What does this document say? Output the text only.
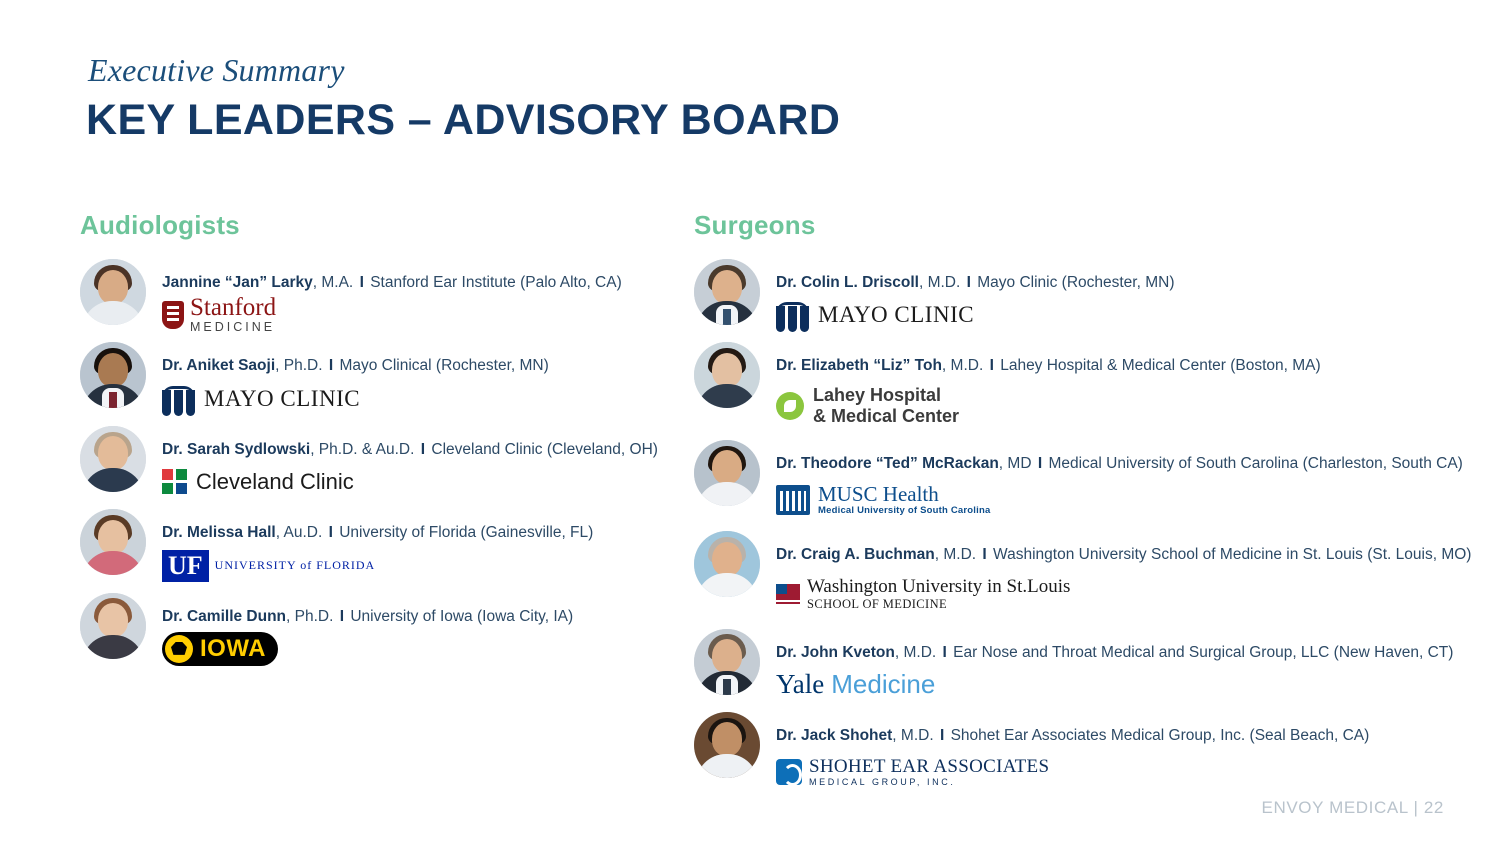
Executive Summary
KEY LEADERS – ADVISORY BOARD
Audiologists
Jannine “Jan” Larky, M.A. I Stanford Ear Institute (Palo Alto, CA)
Stanford
MEDICINE
Dr. Aniket Saoji, Ph.D. I Mayo Clinical (Rochester, MN)
MAYO CLINIC
Dr. Sarah Sydlowski, Ph.D. & Au.D. I Cleveland Clinic (Cleveland, OH)
Cleveland Clinic
Dr. Melissa Hall, Au.D. I University of Florida (Gainesville, FL)
UF	UNIVERSITY of FLORIDA
Dr. Camille Dunn, Ph.D. I University of Iowa (Iowa City, IA)
IOWA
Surgeons
Dr. Colin L. Driscoll, M.D. I Mayo Clinic (Rochester, MN)
MAYO CLINIC
Dr. Elizabeth “Liz” Toh, M.D. I Lahey Hospital & Medical Center (Boston, MA)
Lahey Hospital
& Medical Center
Dr. Theodore “Ted” McRackan, MD I Medical University of South Carolina (Charleston, South CA)
MUSC Health
Medical University of South Carolina
Dr. Craig A. Buchman, M.D. I Washington University School of Medicine in St. Louis (St. Louis, MO)
Washington University in St.Louis
SCHOOL OF MEDICINE
Dr. John Kveton, M.D. I Ear Nose and Throat Medical and Surgical Group, LLC (New Haven, CT)
Yale Medicine
Dr. Jack Shohet, M.D. I Shohet Ear Associates Medical Group, Inc. (Seal Beach, CA)
SHOHET EAR ASSOCIATES
MEDICAL GROUP, INC.
ENVOY MEDICAL | 22
